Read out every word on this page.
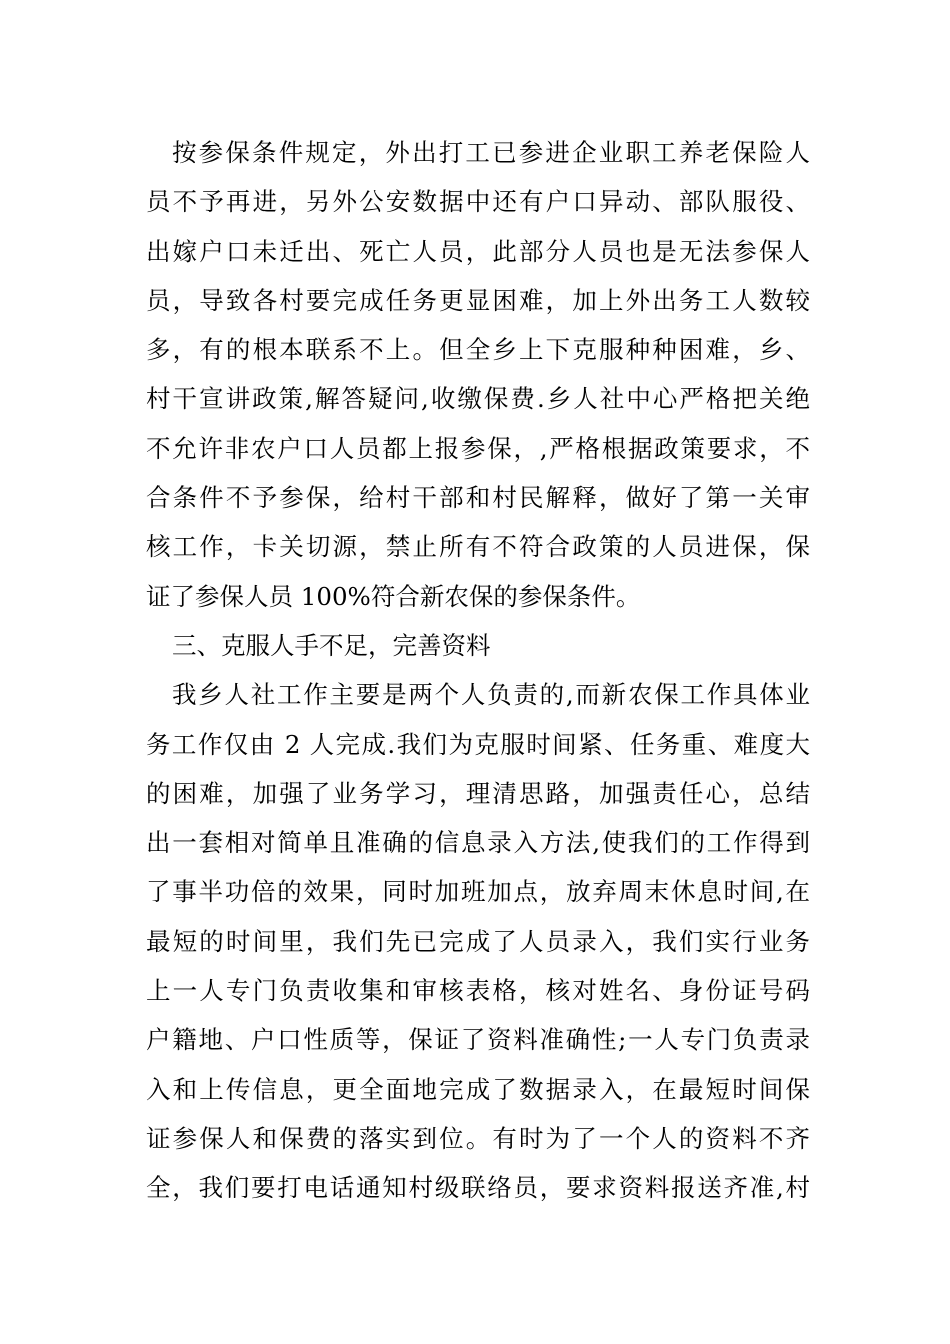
按参保条件规定，外出打工已参进企业职工养老保险人
员不予再进，另外公安数据中还有户口异动、部队服役、
出嫁户口未迁出、死亡人员，此部分人员也是无法参保人
员，导致各村要完成任务更显困难，加上外出务工人数较
多，有的根本联系不上。但全乡上下克服种种困难，乡、
村干宣讲政策,解答疑问,收缴保费.乡人社中心严格把关绝
不允许非农户口人员都上报参保，,严格根据政策要求，不
合条件不予参保，给村干部和村民解释，做好了第一关审
核工作，卡关切源，禁止所有不符合政策的人员进保，保
证了参保人员 100%符合新农保的参保条件。

三、克服人手不足，完善资料

我乡人社工作主要是两个人负责的,而新农保工作具体业
务工作仅由 2 人完成.我们为克服时间紧、任务重、难度大
的困难，加强了业务学习，理清思路，加强责任心，总结
出一套相对简单且准确的信息录入方法,使我们的工作得到
了事半功倍的效果，同时加班加点，放弃周末休息时间,在
最短的时间里，我们先已完成了人员录入，我们实行业务
上一人专门负责收集和审核表格，核对姓名、身份证号码
户籍地、户口性质等，保证了资料准确性;一人专门负责录
入和上传信息，更全面地完成了数据录入，在最短时间保
证参保人和保费的落实到位。有时为了一个人的资料不齐
全，我们要打电话通知村级联络员，要求资料报送齐准,村
